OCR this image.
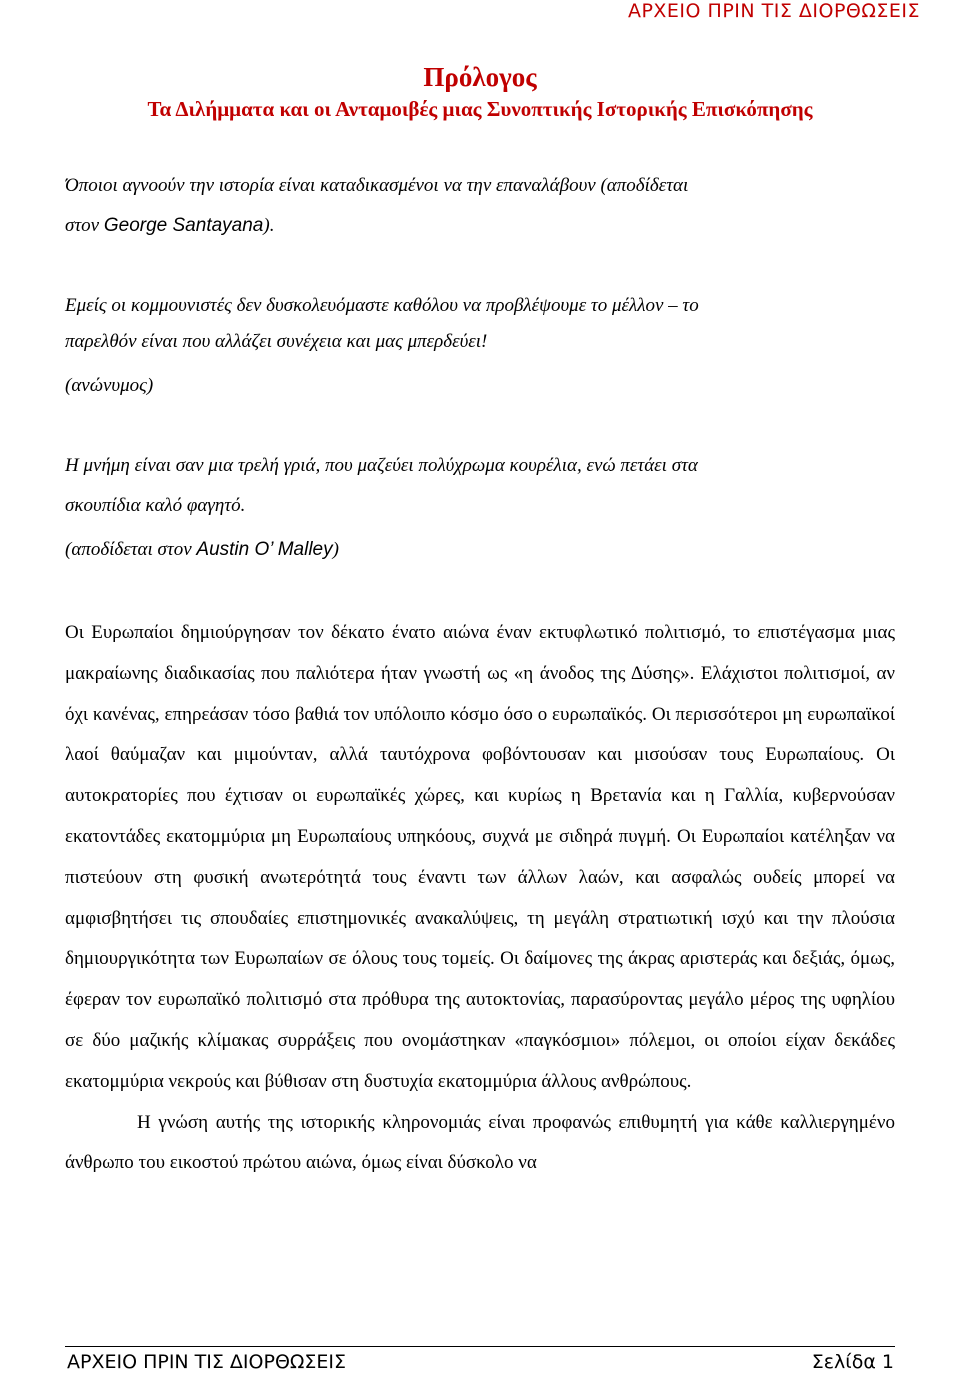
ΑΡΧΕΙΟ ΠΡΙΝ ΤΙΣ ΔΙΟΡΘΩΣΕΙΣ
Πρόλογος
Τα Διλήμματα και οι Ανταμοιβές μιας Συνοπτικής Ιστορικής Επισκόπησης
Όποιοι αγνοούν την ιστορία είναι καταδικασμένοι να την επαναλάβουν (αποδίδεται
στον George Santayana).
Εμείς οι κομμουνιστές δεν δυσκολευόμαστε καθόλου να προβλέψουμε το μέλλον – το
παρελθόν είναι που αλλάζει συνέχεια και μας μπερδεύει!
(ανώνυμος)
Η μνήμη είναι σαν μια τρελή γριά, που μαζεύει πολύχρωμα κουρέλια, ενώ πετάει στα
σκουπίδια καλό φαγητό.
(αποδίδεται στον Austin O’ Malley)

Οι Ευρωπαίοι δημιούργησαν τον δέκατο ένατο αιώνα έναν εκτυφλωτικό πολιτισμό, το επιστέγασμα μιας μακραίωνης διαδικασίας που παλιότερα ήταν γνωστή ως «η άνοδος της Δύσης». Ελάχιστοι πολιτισμοί, αν όχι κανένας, επηρεάσαν τόσο βαθιά τον υπόλοιπο κόσμο όσο ο ευρωπαϊκός. Οι περισσότεροι μη ευρωπαϊκοί λαοί θαύμαζαν και μιμούνταν, αλλά ταυτόχρονα φοβόντουσαν και μισούσαν τους Ευρωπαίους. Οι αυτοκρατορίες που έχτισαν οι ευρωπαϊκές χώρες, και κυρίως η Βρετανία και η Γαλλία, κυβερνούσαν εκατοντάδες εκατομμύρια μη Ευρωπαίους υπηκόους, συχνά με σιδηρά πυγμή. Οι Ευρωπαίοι κατέληξαν να πιστεύουν στη φυσική ανωτερότητά τους έναντι των άλλων λαών, και ασφαλώς ουδείς μπορεί να αμφισβητήσει τις σπουδαίες επιστημονικές ανακαλύψεις, τη μεγάλη στρατιωτική ισχύ και την πλούσια δημιουργικότητα των Ευρωπαίων σε όλους τους τομείς. Οι δαίμονες της άκρας αριστεράς και δεξιάς, όμως, έφεραν τον ευρωπαϊκό πολιτισμό στα πρόθυρα της αυτοκτονίας, παρασύροντας μεγάλο μέρος της υφηλίου σε δύο μαζικής κλίμακας συρράξεις που ονομάστηκαν «παγκόσμιοι» πόλεμοι, οι οποίοι είχαν δεκάδες εκατομμύρια νεκρούς και βύθισαν στη δυστυχία εκατομμύρια άλλους ανθρώπους.

Η γνώση αυτής της ιστορικής κληρονομιάς είναι προφανώς επιθυμητή για κάθε καλλιεργημένο άνθρωπο του εικοστού πρώτου αιώνα, όμως είναι δύσκολο να

ΑΡΧΕΙΟ ΠΡΙΝ ΤΙΣ ΔΙΟΡΘΩΣΕΙΣ	Σελίδα 1
